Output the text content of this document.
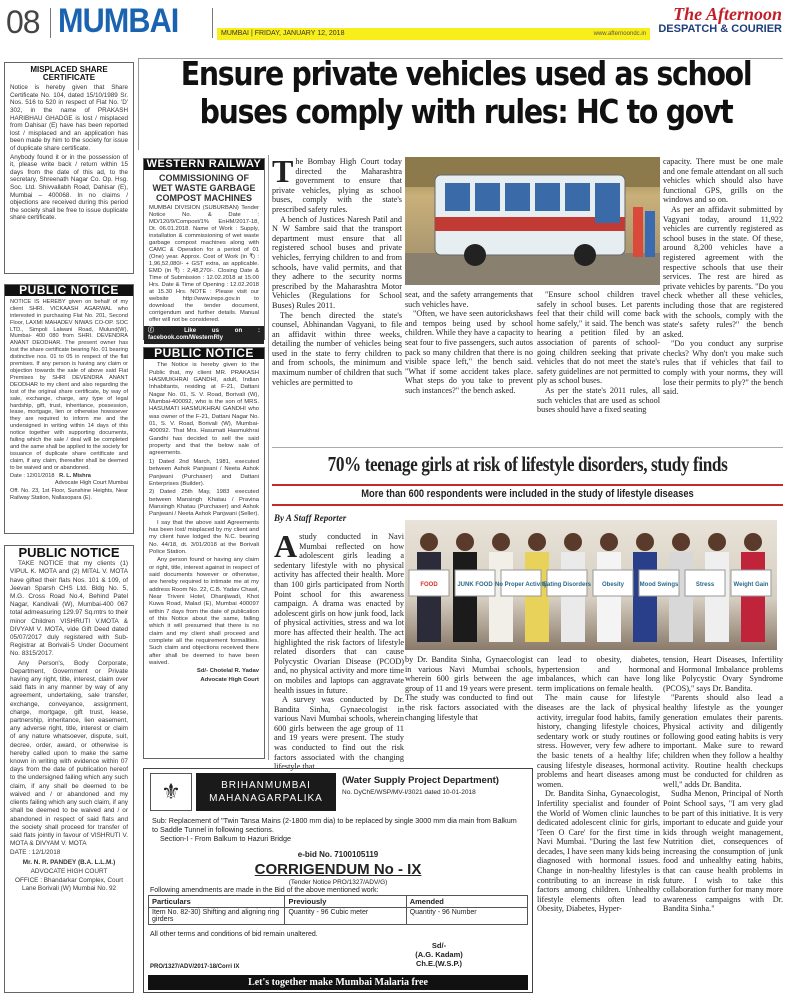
08 MUMBAI	MUMBAI | FRIDAY, JANUARY 12, 2018	www.afternoondc.in
The Afternoon
DESPATCH & COURIER
Ensure private vehicles used as school buses comply with rules: HC to govt
MISPLACED SHARE CERTIFICATE

Notice is hereby given that Share Certificate No. 104, dated 15/10/1989 Sr. Nos. 516 to 520 in respect of Flat No. 'D' 302, in the name of PRAKASH HARIBHAU GHADGE is lost / misplaced from Dahisar (E) have has been reported lost / misplaced and an application has been made by him to the society for issue of duplicate share certificate.

Anybody found it or in the possession of it, please write back / return within 15 days from the date of this ad, to the secretary, Shreenath Nagar Co. Op. Hsg. Soc. Ltd. Shivvallabh Road, Dahisar (E), Mumbai – 400068. In no claims / objections are received during this period the society shall be free to issue duplicate share certificate.

PUBLIC NOTICE

NOTICE IS HEREBY given on behalf of my client SHRI. VICKAASH AGARWAL who interested in purchasing Flat No. 201, Second Floor, LAXMI MAHADEV NIWAS CO-OP. SOC LTD., Simpoli Lalwani Road, Mulund(W), Mumbai- 400 080 from SHRI. DEVENDRA ANANT DEODHAR. The present owner has lost the share certificate bearing No. 01 bearing distinctive nos. 01 to 05 in respect of the flat premises. If any person is having any claim or objection towards the sale of above said Flat Premises by SHRI DEVENDRA ANANT DEODHAR to my client and also regarding the lost of the original share certificate, by way of sale, exchange, charge, any type of legal hardship, gift, trust, inheritance, possession, lease, mortgage, lien or otherwise howsoever they are required to inform me and the undersigned in writing within 14 days of this notice together with supporting documents, failing which the sale / deal will be completed and the same shall be applied to the society for issuance of duplicate share certificate and claim, if any claim, thereafter shall be deemed to be waived and or abandoned.

Date : 12/01/2018 R. L. Mishra

Advocate High Court Mumbai

Off. No. 23, 1st Floor, Sunshine Heights, Near Railway Station, Nallasopara (E).

PUBLIC NOTICE

TAKE NOTICE that my clients (1) VIPUL K. MOTA and (2) MITAL V. MOTA have gifted their flats Nos. 101 & 109, of Jeevan Sparsh CHS Ltd. Bldg No. 5, M.G. Cross Road No.4, Behind Patel Nagar, Kandivali (W), Mumbai-400 067 total admeasuring 129.97 Sq.mtrs to their minor Children VISHRUTI V.MOTA & DIVYAM V. MOTA, vide Gift Deed dated 05/07/2017 duly registered with Sub-Registrar at Borivali-5 Under Document No. 8315/2017.

Any Person's, Body Corporate, Department, Government or Private having any right, title, interest, claim over said flats in any manner by way of any agreement, undertaking, sale transfer, exchange, conveyance, assignment, charge, mortgage, gift trust, lease, partnership, inheritance, lien easement, any adverse right, title, interest or claim of any nature whatsoever, dispute, suit, decree, order, award, or otherwise is hereby called upon to make the same known in writing with evidence within 07 days from the date of publication hereof to the undersigned failing which any such claim, if any shall be deemed to be waived and / or abandoned and my clients failing which any such claim, if any shall be deemed to be waived and / or abandoned in respect of said flats and the society shall proceed for transfer of said flats jointly in favour of VISHRUTI V. MOTA & DIVYAM V. MOTA

DATE : 12/1/2018

Mr. N. R. PANDEY (B.A. L.L.M.)

ADVOCATE HIGH COURT

OFFICE : Bhandarkar Complex, Court Lane Borivali (W) Mumbai No. 92

WESTERN RAILWAY
COMMISSIONING OF WET WASTE GARBAGE COMPOST MACHINES

MUMBAI DIVISION (SUBURBAN) Tender Notice No. & Date : MD/120/9/Compost/1% EnHM/2017-18, Dt. 06.01.2018. Name of Work : Supply, installation & commissioning of wet waste garbage compost machines along with CAMC & Operation for a period of 01 (One) year. Approx. Cost of Work (in ₹) : 1,96,52,080/- + GST extra, as applicable. EMD (in ₹) : 2,48,270/-. Closing Date & Time of Submission : 12.02.2018 at 15.00 Hrs. Date & Time of Opening : 12.02.2018 at 15.30 Hrs. NOTE : Please visit our website http://www.ireps.gov.in to download the tender document, corrigendum and further details. Manual offer will not be considered.

ⓕ Like us on : facebook.com/WesternRly
PUBLIC NOTICE

The Notice is hereby given to the Public that, my client MR. PRAKASH HASMUKHRAI GANDHI, adult, Indian Inhabitants, residing at F-21, Dattani Nagar No. 01, S. V. Road, Borivali (W), Mumbai-400092, who is the son of MRS. HASUMATI HASMUKHRAI GANDHI who was owner of the F-21, Dattani Nagar No. 01, S. V. Road, Borivali (W), Mumbai-400092. That Mrs. Hasumati Hasmukhrai Gandhi has decided to sell the said property and that the below sale of agreements.

1) Dated 2nd March, 1981, executed between Ashok Panjwani / Neeta Ashok Panjwani (Purchaser) and Dattani Enterprises (Builder).

2) Dated 25th May, 1983 executed between Mansingh Khatau / Pravina Mansingh Khatau (Purchaser) and Ashok Panjwani / Neeta Ashok Panjwani (Seller).

I say that the above said Agreements has been lost/ misplaced by my client and my client have lodged the N.C. bearing No. 44/18, dt. 3/01/2018 at the Borivali Police Station.

Any person found or having any claim or right, title, interest against in respect of said documents however or otherwise, are hereby required to intimate me at my address Room No. 22, C.B. Yadav Chawl, Near Triveni Hotel, Dhanjiwadi, Khot Kuwa Road, Malad (E), Mumbai 400097 within 7 days from the date of publication of this Notice about the same, failing which it will presumed that there is no claim and my client shall proceed and complete all the requirement formalities. Such claim and objections received there after shall be deemed to have been waived.

Sd/- Chotelal R. Yadav

Advocate High Court

The Bombay High Court today directed the Maharashtra government to ensure that private vehicles, plying as school buses, comply with the state's prescribed safety rules.

A bench of Justices Naresh Patil and N W Sambre said that the transport department must ensure that all registered school buses and private vehicles, ferrying children to and from schools, have valid permits, and that they adhere to the security norms prescribed by the Maharashtra Motor Vehicles (Regulations for School Buses) Rules 2011.

The bench directed the state's counsel, Abhinandan Vagyani, to file an affidavit within three weeks, detailing the number of vehicles being used in the state to ferry children to and from schools, the minimum and maximum number of children that such vehicles are permitted to

seat, and the safety arrangements that such vehicles have.

"Often, we have seen autorickshaws and tempos being used by school children. While they have a capacity to seat four to five passengers, such autos pack so many children that there is no visible space left," the bench said. "What if some accident takes place. What steps do you take to prevent such instances?" the bench asked.

"Ensure school children travel safely in school buses. Let parents feel that their child will come back home safely," it said. The bench was hearing a petition filed by an association of parents of school-going children seeking that private vehicles that do not meet the state's safety guidelines are not permitted to ply as school buses.

As per the state's 2011 rules, all such vehicles that are used as school buses should have a fixed seating

capacity. There must be one male and one female attendant on all such vehicles which should also have functional GPS, grills on the windows and so on.

As per an affidavit submitted by Vagyani today, around 11,922 vehicles are currently registered as school buses in the state. Of these, around 8,200 vehicles have a registered agreement with the respective schools that use their services. The rest are hired as private vehicles by parents. "Do you check whether all these vehicles, including those that are registered with the schools, comply with the state's safety rules?" the bench asked.

"Do you conduct any surprise checks? Why don't you make such rules that if vehicles that fail to comply with your norms, they will lose their permits to ply?" the bench said.

70% teenage girls at risk of lifestyle disorders, study finds
More than 600 respondents were included in the study of lifestyle diseases
By A Staff Reporter

A study conducted in Navi Mumbai reflected on how adolescent girls leading a sedentary lifestyle with no physical activity has affected their health. More than 100 girls participated from North Point school for this awareness campaign. A drama was enacted by adolescent girls on how junk food, lack of physical activities, stress and wa lot more has affected their health. The act highlighted the risk factors of lifestyle related disorders that can cause Polycystic Ovarian Disease (PCOD) and, no physical activity and more time on mobiles and laptops can aggravate health issues in future.

A survey was conducted by Dr. Bandita Sinha, Gynaecologist in various Navi Mumbai schools, wherein 600 girls between the age group of 11 and 19 years were present. The study was conducted to find out the risk factors associated with the changing lifestyle that

FOOD	JUNK FOOD No Proper Activity
Eating Disorders Obesity	Mood Swings	Stress	Weight Gain

by Dr. Bandita Sinha, Gynaecologist in various Navi Mumbai schools, wherein 600 girls between the age group of 11 and 19 years were present. The study was conducted to find out the risk factors associated with the changing lifestyle that

can lead to obesity, diabetes, hypertension and hormonal imbalances, which can have long term implications on female health.

The main cause for lifestyle diseases are the lack of physical activity, irregular food habits, family history, changing lifestyle choices, sedentary work or study routines or stress. However, very few adhere to the basic tenets of a healthy life; causing lifestyle diseases, hormonal problems and heart diseases among women.

Dr. Bandita Sinha, Gynaecologist, Infertility specialist and founder of the World of Women clinic launches dedicated adolescent clinic for girls, 'Teen O Care' for the first time in Navi Mumbai. "During the last few decades, I have seen many kids being diagnosed with hormonal issues. Change in non-healthy lifestyles is contributing to an increase in risk factors among children. Unhealthy lifestyle elements often lead to Obesity, Diabetes, Hyper-

tension, Heart Diseases, Infertility and Hormonal Imbalance problems like Polycystic Ovary Syndrome (PCOS)," says Dr. Bandita.

"Parents should also lead a healthy lifestyle as the younger generation emulates their parents. Physical activity and diligently following good eating habits is very important. Make sure to reward children when they follow a healthy activity. Routine health checkups must be conducted for children as well," adds Dr. Bandita.

Sudha Menon, Principal of North Point School says, "I am very glad to be part of this initiative. It is very important to educate and guide your kids through weight management, Nutrition diet, consequences of increasing the consumption of junk food and unhealthy eating habits, that can cause health problems in future. I wish to take this collaboration further for many more awareness campaigns with Dr. Bandita Sinha."

⚜	BRIHANMUMBAI
MAHANAGARPALIKA
(Water Supply Project Department)
No. DyChE/WSP/MV-I/3021 dated 10-01-2018
Sub: Replacement of "Twin Tansa Mains (2-1800 mm dia) to be replaced by single 3000 mm dia main from Balkum to Saddle Tunnel in following sections.
Section-I - From Balkum to Hazuri Bridge
e-bid No. 7100105119
CORRIGENDUM No - IX
(Tender Notice PRO/1327/ADV/G)
Following amendments are made in the Bid of the above mentioned work:
Particulars	Previously	Amended
Item No. 82-30) Shifting and aligning ring girders	Quantity - 96 Cubic meter	Quantity - 96 Number
All other terms and conditions of bid remain unaltered.
Sd/-
(A.G. Kadam)
Ch.E.(W.S.P.)
PRO/1327/ADV/2017-18/Corri IX
Let's together make Mumbai Malaria free
